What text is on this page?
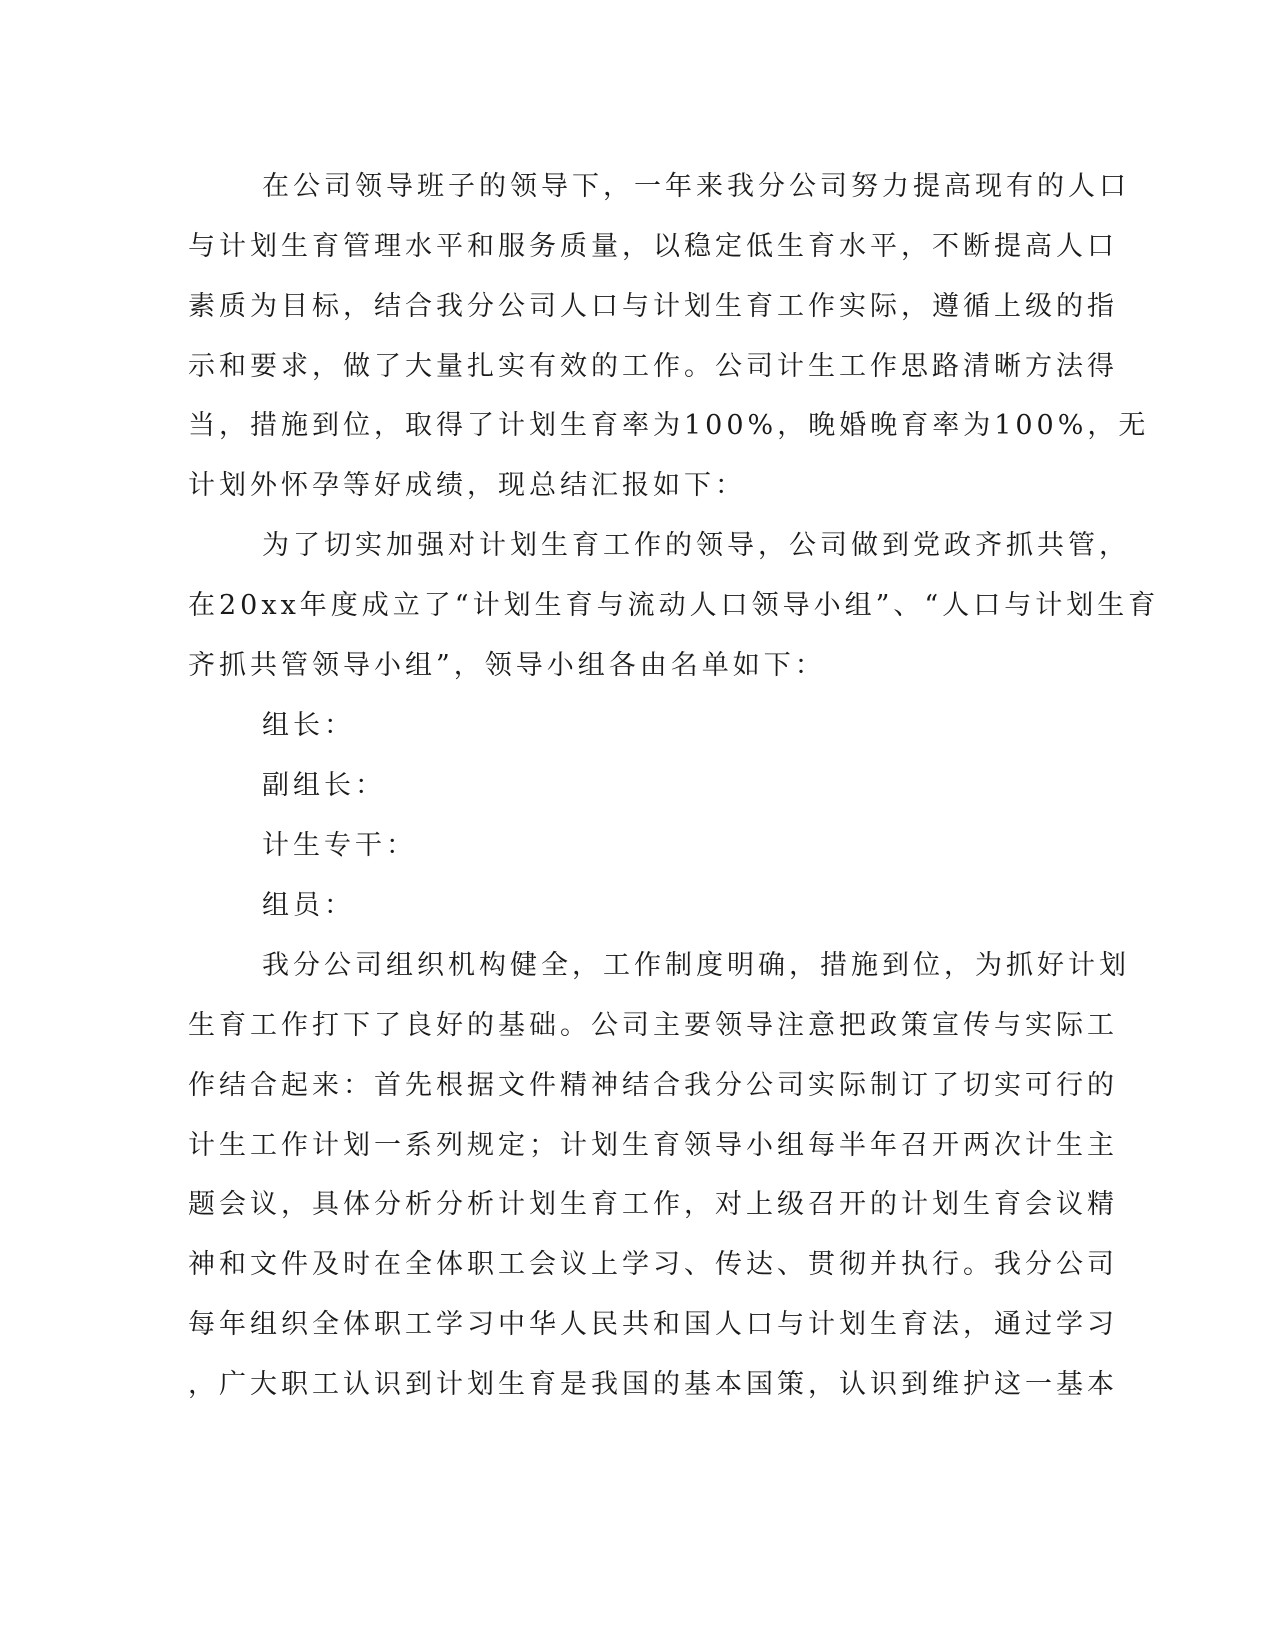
在公司领导班子的领导下，一年来我分公司努力提高现有的人口

与计划生育管理水平和服务质量，以稳定低生育水平，不断提高人口

素质为目标，结合我分公司人口与计划生育工作实际，遵循上级的指

示和要求，做了大量扎实有效的工作。公司计生工作思路清晰方法得

当，措施到位，取得了计划生育率为100%，晚婚晚育率为100%，无

计划外怀孕等好成绩，现总结汇报如下：

为了切实加强对计划生育工作的领导，公司做到党政齐抓共管，

在20xx年度成立了“计划生育与流动人口领导小组”、“人口与计划生育

齐抓共管领导小组”，领导小组各由名单如下：

组长：

副组长：

计生专干：

组员：

我分公司组织机构健全，工作制度明确，措施到位，为抓好计划

生育工作打下了良好的基础。公司主要领导注意把政策宣传与实际工

作结合起来：首先根据文件精神结合我分公司实际制订了切实可行的

计生工作计划一系列规定；计划生育领导小组每半年召开两次计生主

题会议，具体分析分析计划生育工作，对上级召开的计划生育会议精

神和文件及时在全体职工会议上学习、传达、贯彻并执行。我分公司

每年组织全体职工学习中华人民共和国人口与计划生育法，通过学习

，广大职工认识到计划生育是我国的基本国策，认识到维护这一基本
